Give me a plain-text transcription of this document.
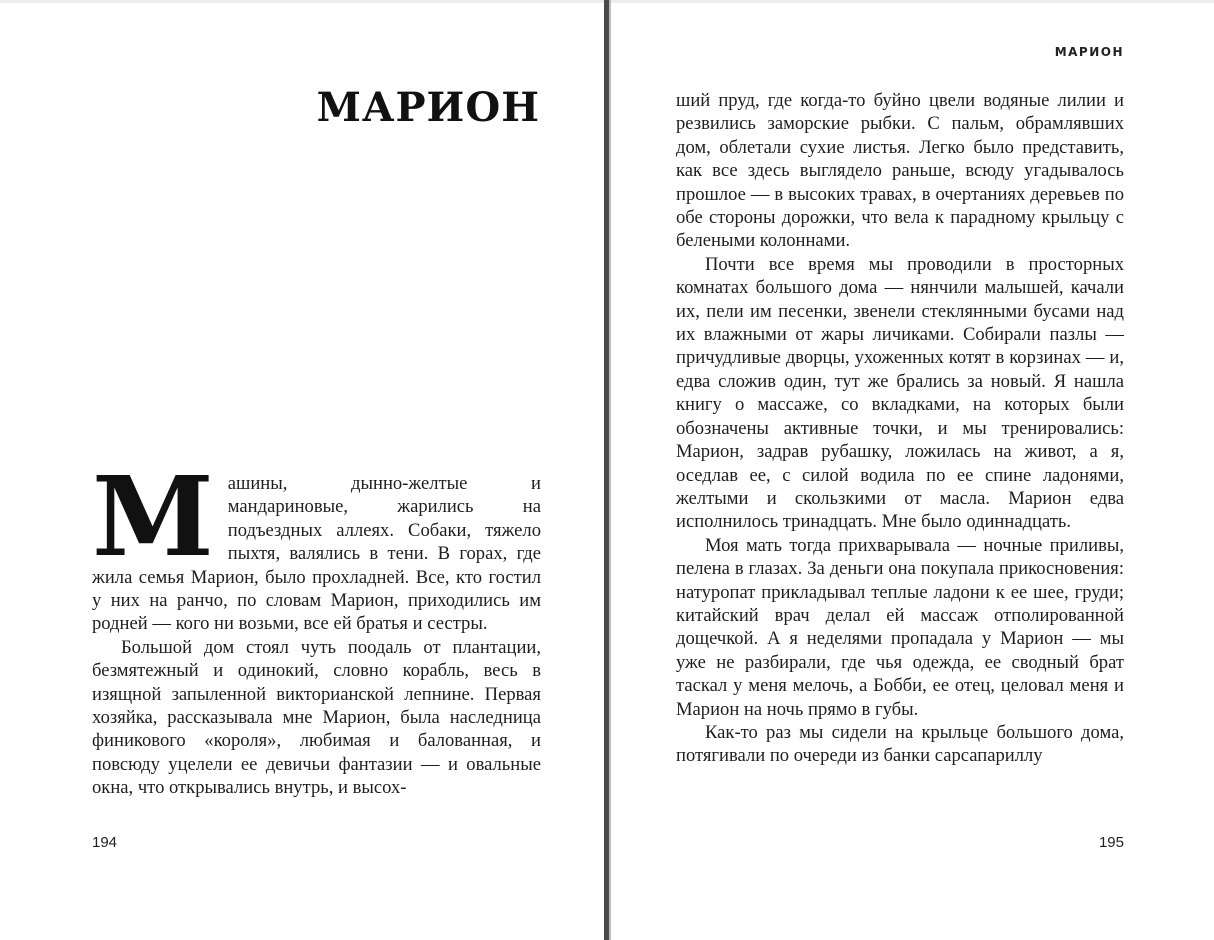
МАРИОН

Машины, дынно-желтые и мандариновые, жарились на подъездных аллеях. Собаки, тяжело пыхтя, валялись в тени. В горах, где жила семья Марион, было прохладней. Все, кто гостил у них на ранчо, по словам Марион, приходились им родней — кого ни возьми, все ей братья и сестры.

Большой дом стоял чуть поодаль от плантации, безмятежный и одинокий, словно корабль, весь в изящной запыленной викторианской лепнине. Первая хозяйка, рассказывала мне Марион, была наследница финикового «короля», любимая и балованная, и повсюду уцелели ее девичьи фантазии — и овальные окна, что открывались внутрь, и высох-

194
МАРИОН

ший пруд, где когда-то буйно цвели водяные лилии и резвились заморские рыбки. С пальм, обрамлявших дом, облетали сухие листья. Легко было представить, как все здесь выглядело раньше, всюду угадывалось прошлое — в высоких травах, в очертаниях деревьев по обе стороны дорожки, что вела к парадному крыльцу с белеными колоннами.

Почти все время мы проводили в просторных комнатах большого дома — нянчили малышей, качали их, пели им песенки, звенели стеклянными бусами над их влажными от жары личиками. Собирали пазлы — причудливые дворцы, ухоженных котят в корзинах — и, едва сложив один, тут же брались за новый. Я нашла книгу о массаже, со вкладками, на которых были обозначены активные точки, и мы тренировались: Марион, задрав рубашку, ложилась на живот, а я, оседлав ее, с силой водила по ее спине ладонями, желтыми и скользкими от масла. Марион едва исполнилось тринадцать. Мне было одиннадцать.

Моя мать тогда прихварывала — ночные приливы, пелена в глазах. За деньги она покупала прикосновения: натуропат прикладывал теплые ладони к ее шее, груди; китайский врач делал ей массаж отполированной дощечкой. А я неделями пропадала у Марион — мы уже не разбирали, где чья одежда, ее сводный брат таскал у меня мелочь, а Бобби, ее отец, целовал меня и Марион на ночь прямо в губы.

Как-то раз мы сидели на крыльце большого дома, потягивали по очереди из банки сарсапариллу

195
